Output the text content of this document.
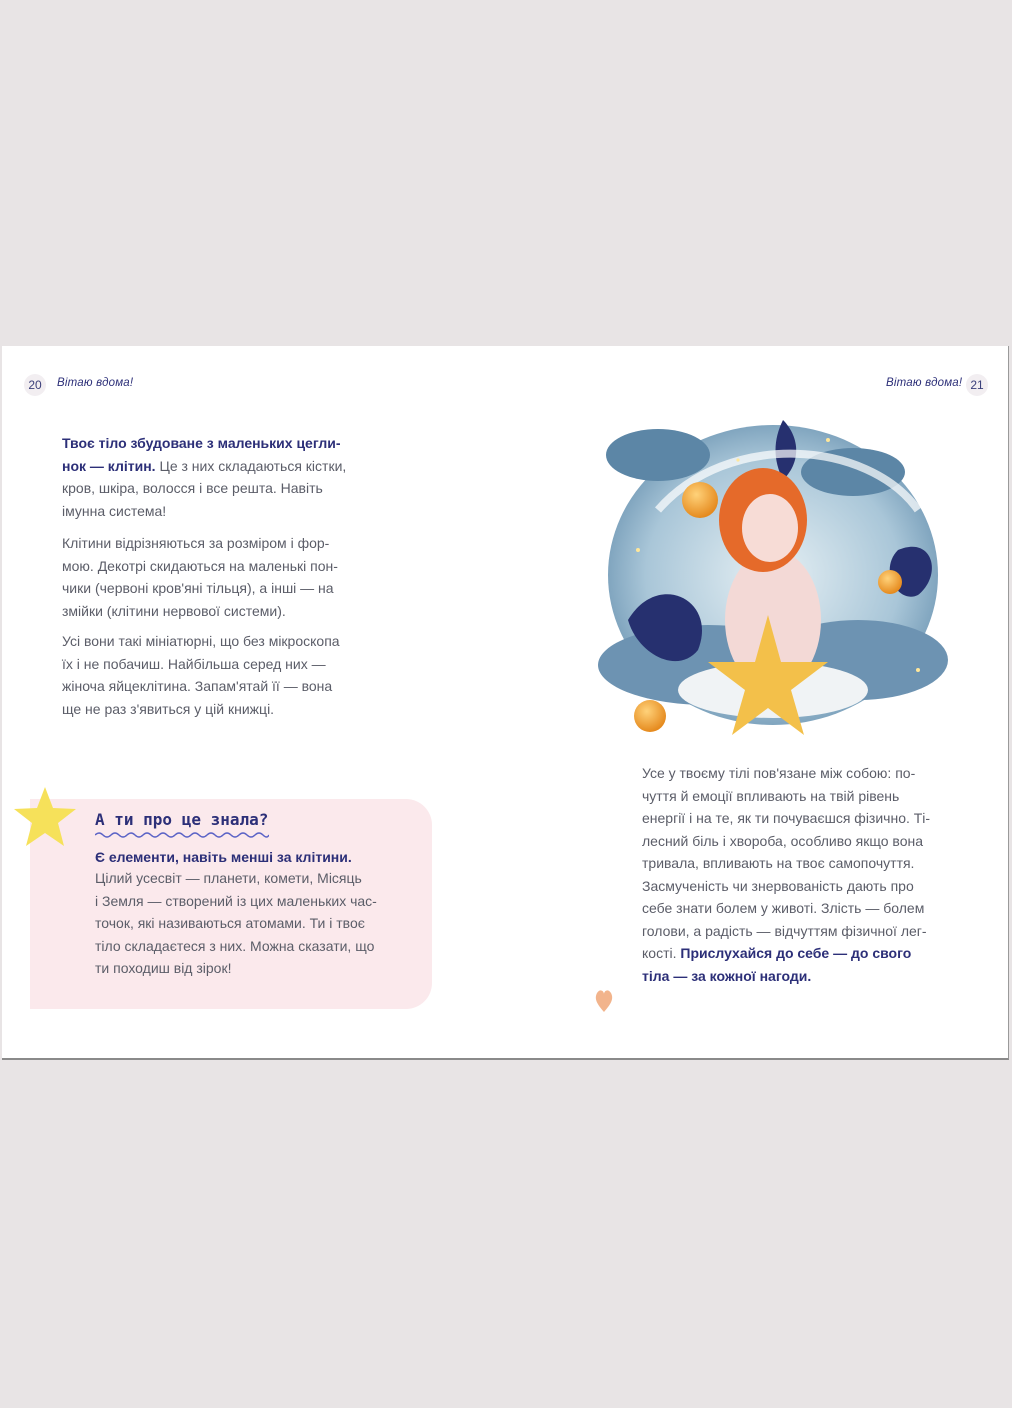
20	Вітаю вдома!	Вітаю вдома! 21

Твоє тіло збудоване з маленьких цегли-
нок — клітин. Це з них складаються кістки,
кров, шкіра, волосся і все решта. Навіть
імунна система!

Клітини відрізняються за розміром і фор-
мою. Декотрі скидаються на маленькі пон-
чики (червоні кров'яні тільця), а інші — на
змійки (клітини нервової системи).

Усі вони такі мініатюрні, що без мікроскопа
їх і не побачиш. Найбільша серед них —
жіноча яйцеклітина. Запам'ятай її — вона
ще не раз з'явиться у цій книжці.

А ти про це знала?

Є елементи, навіть менші за клітини.

Цілий усесвіт — планети, комети, Місяць
і Земля — створений із цих маленьких час-
точок, які називаються атомами. Ти і твоє
тіло складаєтеся з них. Можна сказати, що
ти походиш від зірок!

Усе у твоєму тілі пов'язане між собою: по-
чуття й емоції впливають на твій рівень
енергії і на те, як ти почуваєшся фізично. Ті-
лесний біль і хвороба, особливо якщо вона
тривала, впливають на твоє самопочуття.
Засмученість чи знервованість дають про
себе знати болем у животі. Злість — болем
голови, а радість — відчуттям фізичної лег-
кості. Прислухайся до себе — до свого
тіла — за кожної нагоди.
